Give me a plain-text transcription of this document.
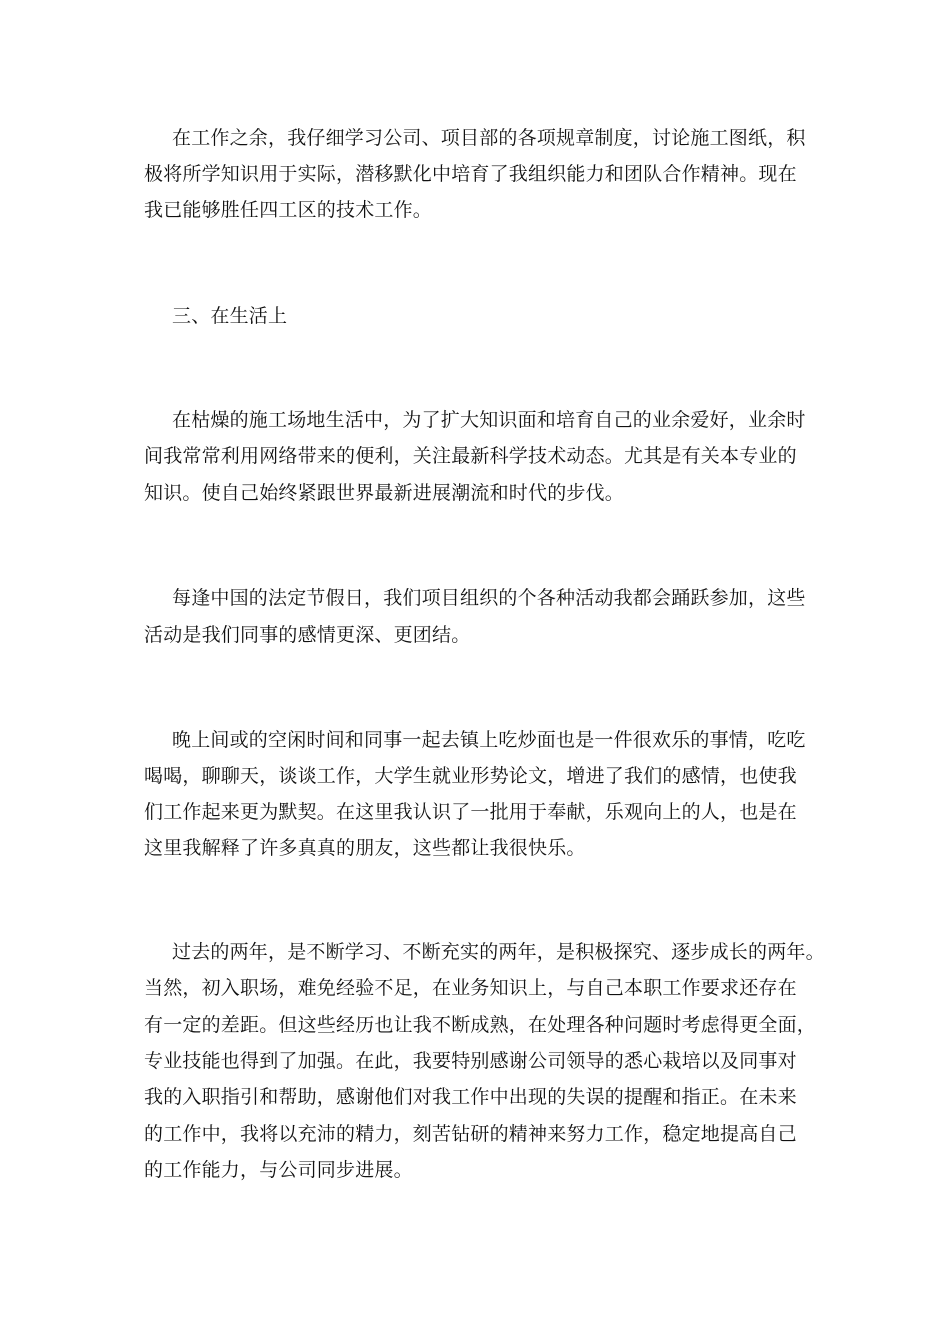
在工作之余，我仔细学习公司、项目部的各项规章制度，讨论施工图纸，积
极将所学知识用于实际，潜移默化中培育了我组织能力和团队合作精神。现在
我已能够胜任四工区的技术工作。
三、在生活上
在枯燥的施工场地生活中，为了扩大知识面和培育自己的业余爱好，业余时
间我常常利用网络带来的便利，关注最新科学技术动态。尤其是有关本专业的
知识。使自己始终紧跟世界最新进展潮流和时代的步伐。
每逢中国的法定节假日，我们项目组织的个各种活动我都会踊跃参加，这些
活动是我们同事的感情更深、更团结。
晚上间或的空闲时间和同事一起去镇上吃炒面也是一件很欢乐的事情，吃吃
喝喝，聊聊天，谈谈工作，大学生就业形势论文，增进了我们的感情，也使我
们工作起来更为默契。在这里我认识了一批用于奉献，乐观向上的人，也是在
这里我解释了许多真真的朋友，这些都让我很快乐。
过去的两年，是不断学习、不断充实的两年，是积极探究、逐步成长的两年。
当然，初入职场，难免经验不足，在业务知识上，与自己本职工作要求还存在
有一定的差距。但这些经历也让我不断成熟，在处理各种问题时考虑得更全面，
专业技能也得到了加强。在此，我要特别感谢公司领导的悉心栽培以及同事对
我的入职指引和帮助，感谢他们对我工作中出现的失误的提醒和指正。在未来
的工作中，我将以充沛的精力，刻苦钻研的精神来努力工作，稳定地提高自己
的工作能力，与公司同步进展。
